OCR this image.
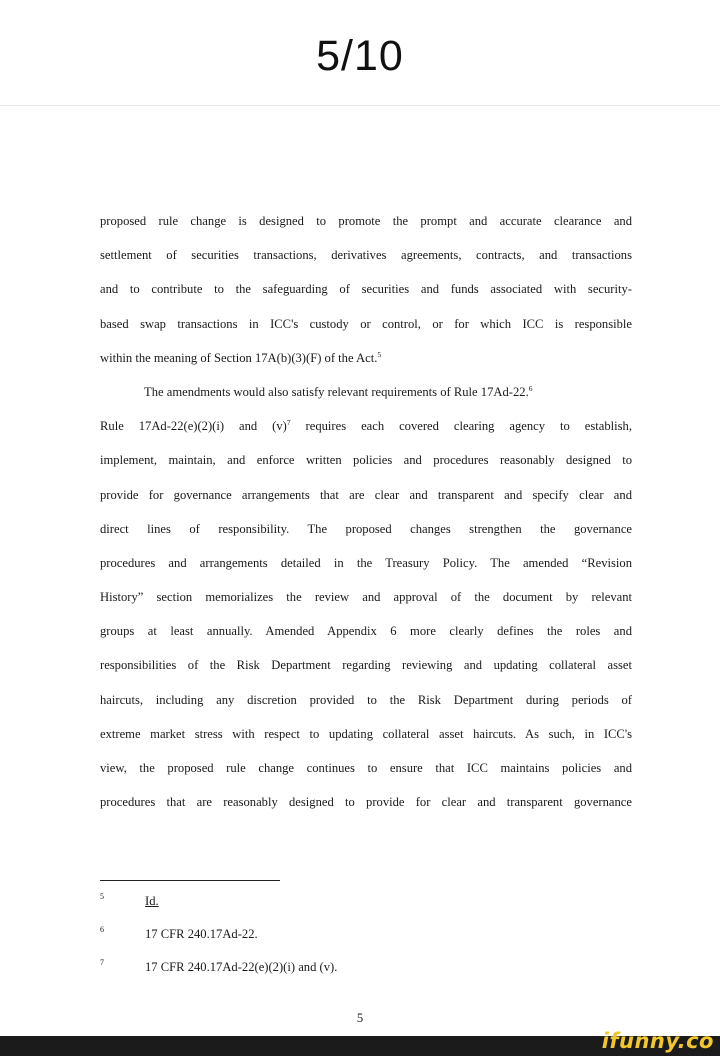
5/10
proposed rule change is designed to promote the prompt and accurate clearance and
settlement of securities transactions, derivatives agreements, contracts, and transactions
and to contribute to the safeguarding of securities and funds associated with security-
based swap transactions in ICC's custody or control, or for which ICC is responsible
within the meaning of Section 17A(b)(3)(F) of the Act.$^5$
The amendments would also satisfy relevant requirements of Rule 17Ad-22.$^6$
Rule 17Ad-22(e)(2)(i) and $(v)^7$ requires each covered clearing agency to establish,
implement, maintain, and enforce written policies and procedures reasonably designed to
provide for governance arrangements that are clear and transparent and specify clear and
direct lines of responsibility. The proposed changes strengthen the governance
procedures and arrangements detailed in the Treasury Policy. The amended “Revision
History” section memorializes the review and approval of the document by relevant
groups at least annually. Amended Appendix 6 more clearly defines the roles and
responsibilities of the Risk Department regarding reviewing and updating collateral asset
haircuts, including any discretion provided to the Risk Department during periods of
extreme market stress with respect to updating collateral asset haircuts. As such, in ICC's
view, the proposed rule change continues to ensure that ICC maintains policies and
procedures that are reasonably designed to provide for clear and transparent governance
5	Id.
6	17 CFR 240.17Ad-22.
7	17 CFR 240.17Ad-22(e)(2)(i) and (v).
5
ifunny.co
